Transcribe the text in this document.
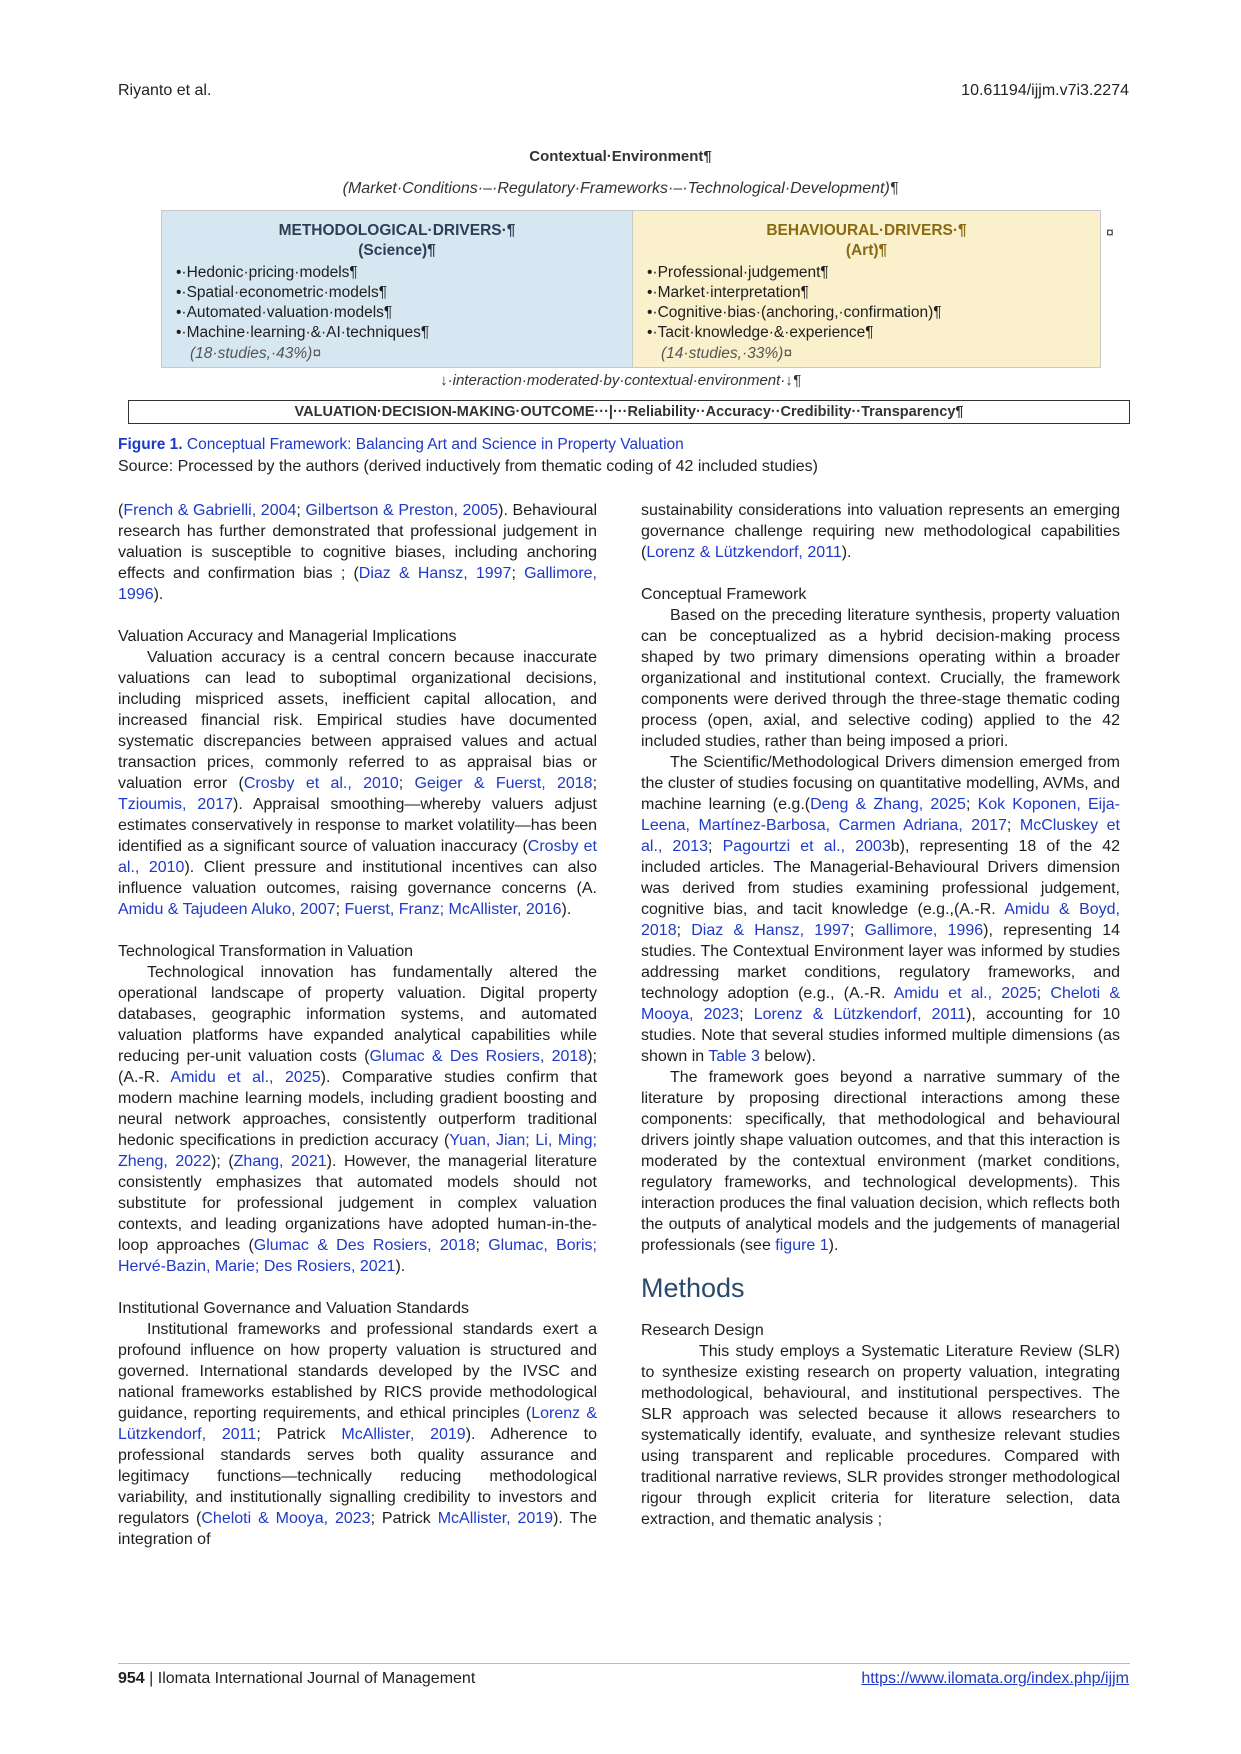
Riyanto et al.	10.61194/ijjm.v7i3.2274
Contextual·Environment¶
(Market·Conditions·–·Regulatory·Frameworks·–·Technological·Development)¶
METHODOLOGICAL·DRIVERS·¶
(Science)¶
•·Hedonic·pricing·models¶
•·Spatial·econometric·models¶
•·Automated·valuation·models¶
•·Machine·learning·&·AI·techniques¶
(18·studies,·43%)¤
BEHAVIOURAL·DRIVERS·¶
(Art)¶
•·Professional·judgement¶
•·Market·interpretation¶
•·Cognitive·bias·(anchoring,·confirmation)¶
•·Tacit·knowledge·&·experience¶
(14·studies,·33%)¤
¤
↓·interaction·moderated·by·contextual·environment·↓¶
VALUATION·DECISION-MAKING·OUTCOME···|···Reliability··Accuracy··Credibility··Transparency¶
Figure 1. Conceptual Framework: Balancing Art and Science in Property Valuation
Source: Processed by the authors (derived inductively from thematic coding of 42 included studies)

(French & Gabrielli, 2004; Gilbertson & Preston, 2005). Behavioural research has further demonstrated that professional judgement in valuation is susceptible to cognitive biases, including anchoring effects and confirmation bias ; (Diaz & Hansz, 1997; Gallimore, 1996).

Valuation Accuracy and Managerial Implications

Valuation accuracy is a central concern because inaccurate valuations can lead to suboptimal organizational decisions, including mispriced assets, inefficient capital allocation, and increased financial risk. Empirical studies have documented systematic discrepancies between appraised values and actual transaction prices, commonly referred to as appraisal bias or valuation error (Crosby et al., 2010; Geiger & Fuerst, 2018; Tzioumis, 2017). Appraisal smoothing—whereby valuers adjust estimates conservatively in response to market volatility—has been identified as a significant source of valuation inaccuracy (Crosby et al., 2010). Client pressure and institutional incentives can also influence valuation outcomes, raising governance concerns (A. Amidu & Tajudeen Aluko, 2007; Fuerst, Franz; McAllister, 2016).

Technological Transformation in Valuation

Technological innovation has fundamentally altered the operational landscape of property valuation. Digital property databases, geographic information systems, and automated valuation platforms have expanded analytical capabilities while reducing per-unit valuation costs (Glumac & Des Rosiers, 2018); (A.-R. Amidu et al., 2025). Comparative studies confirm that modern machine learning models, including gradient boosting and neural network approaches, consistently outperform traditional hedonic specifications in prediction accuracy (Yuan, Jian; Li, Ming; Zheng, 2022); (Zhang, 2021). However, the managerial literature consistently emphasizes that automated models should not substitute for professional judgement in complex valuation contexts, and leading organizations have adopted human-in-the-loop approaches (Glumac & Des Rosiers, 2018; Glumac, Boris; Hervé-Bazin, Marie; Des Rosiers, 2021).

Institutional Governance and Valuation Standards

Institutional frameworks and professional standards exert a profound influence on how property valuation is structured and governed. International standards developed by the IVSC and national frameworks established by RICS provide methodological guidance, reporting requirements, and ethical principles (Lorenz & Lützkendorf, 2011; Patrick McAllister, 2019). Adherence to professional standards serves both quality assurance and legitimacy functions—technically reducing methodological variability, and institutionally signalling credibility to investors and regulators (Cheloti & Mooya, 2023; Patrick McAllister, 2019). The integration of

sustainability considerations into valuation represents an emerging governance challenge requiring new methodological capabilities (Lorenz & Lützkendorf, 2011).

Conceptual Framework

Based on the preceding literature synthesis, property valuation can be conceptualized as a hybrid decision-making process shaped by two primary dimensions operating within a broader organizational and institutional context. Crucially, the framework components were derived through the three-stage thematic coding process (open, axial, and selective coding) applied to the 42 included studies, rather than being imposed a priori.

The Scientific/Methodological Drivers dimension emerged from the cluster of studies focusing on quantitative modelling, AVMs, and machine learning (e.g.(Deng & Zhang, 2025; Kok Koponen, Eija-Leena, Martínez-Barbosa, Carmen Adriana, 2017; McCluskey et al., 2013; Pagourtzi et al., 2003b), representing 18 of the 42 included articles. The Managerial-Behavioural Drivers dimension was derived from studies examining professional judgement, cognitive bias, and tacit knowledge (e.g.,(A.-R. Amidu & Boyd, 2018; Diaz & Hansz, 1997; Gallimore, 1996), representing 14 studies. The Contextual Environment layer was informed by studies addressing market conditions, regulatory frameworks, and technology adoption (e.g., (A.-R. Amidu et al., 2025; Cheloti & Mooya, 2023; Lorenz & Lützkendorf, 2011), accounting for 10 studies. Note that several studies informed multiple dimensions (as shown in Table 3 below).

The framework goes beyond a narrative summary of the literature by proposing directional interactions among these components: specifically, that methodological and behavioural drivers jointly shape valuation outcomes, and that this interaction is moderated by the contextual environment (market conditions, regulatory frameworks, and technological developments). This interaction produces the final valuation decision, which reflects both the outputs of analytical models and the judgements of managerial professionals (see figure 1).

Methods
Research Design

This study employs a Systematic Literature Review (SLR) to synthesize existing research on property valuation, integrating methodological, behavioural, and institutional perspectives. The SLR approach was selected because it allows researchers to systematically identify, evaluate, and synthesize relevant studies using transparent and replicable procedures. Compared with traditional narrative reviews, SLR provides stronger methodological rigour through explicit criteria for literature selection, data extraction, and thematic analysis ;

954 | Ilomata International Journal of Management	https://www.ilomata.org/index.php/ijjm
